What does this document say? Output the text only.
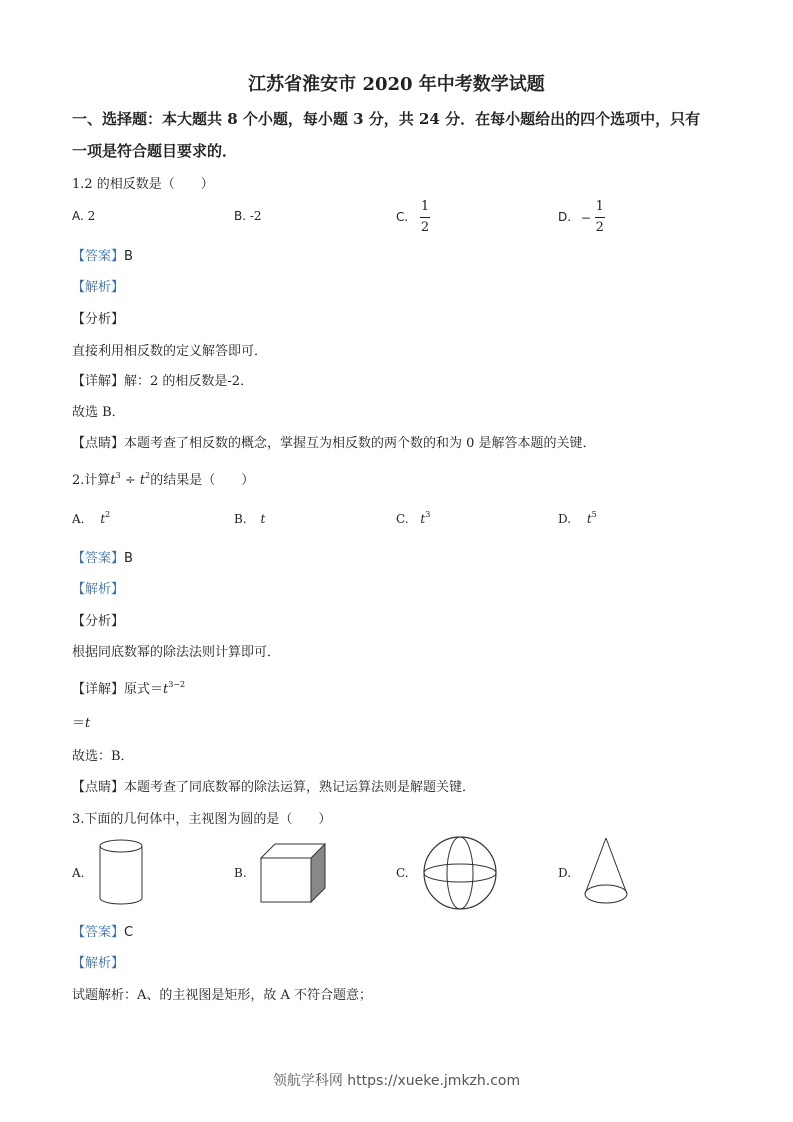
江苏省淮安市 2020 年中考数学试题
一、选择题：本大题共 8 个小题，每小题 3 分，共 24 分．在每小题给出的四个选项中，只有
一项是符合题目要求的．
1.2 的相反数是（　　）
A. 2	B. -2	C. $\frac{1}{2}$	D. − $\frac{1}{2}$
【答案】B
【解析】
【分析】
直接利用相反数的定义解答即可．
【详解】解：2 的相反数是-2．
故选 B．
【点睛】本题考查了相反数的概念，掌握互为相反数的两个数的和为 0 是解答本题的关键．
2.计算$t^3 \div t^2$的结果是（　　）
A. $t^2$	B. t	C. $t^3$	D. $t^5$
【答案】B
【解析】
【分析】
根据同底数幂的除法法则计算即可．
【详解】原式$=t^{3-2}$
＝t
故选：B．
【点睛】本题考查了同底数幂的除法运算，熟记运算法则是解题关键．
3.下面的几何体中，主视图为圆的是（　　）
A.	B.	C.	D.
【答案】C
【解析】
试题解析：A、的主视图是矩形，故 A 不符合题意；
领航学科网 https://xueke.jmkzh.com
